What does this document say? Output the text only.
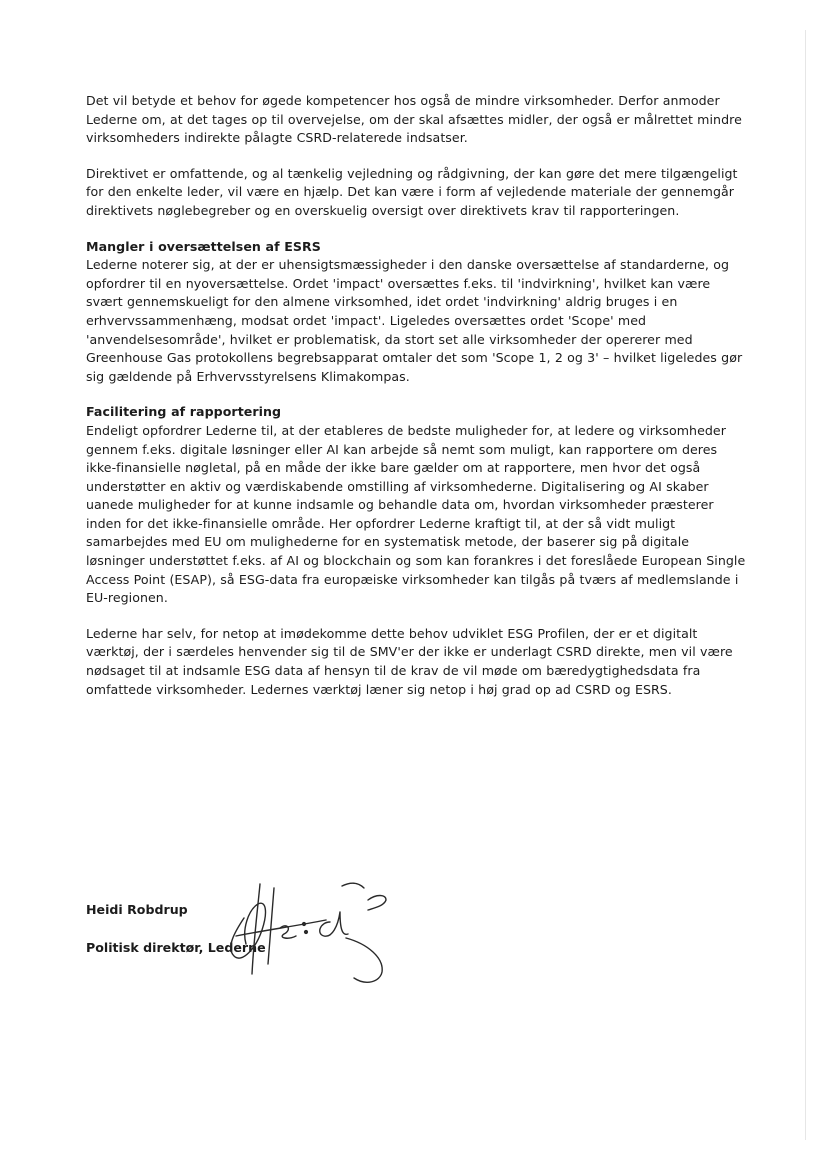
Det vil betyde et behov for øgede kompetencer hos også de mindre virksomheder. Derfor anmoder Lederne om, at det tages op til overvejelse, om der skal afsættes midler, der også er målrettet mindre virksomheders indirekte pålagte CSRD-relaterede indsatser.

Direktivet er omfattende, og al tænkelig vejledning og rådgivning, der kan gøre det mere tilgængeligt for den enkelte leder, vil være en hjælp. Det kan være i form af vejledende materiale der gennemgår direktivets nøglebegreber og en overskuelig oversigt over direktivets krav til rapporteringen.

Mangler i oversættelsen af ESRS
Lederne noterer sig, at der er uhensigtsmæssigheder i den danske oversættelse af standarderne, og opfordrer til en nyoversættelse. Ordet 'impact' oversættes f.eks. til 'indvirkning', hvilket kan være svært gennemskueligt for den almene virksomhed, idet ordet 'indvirkning' aldrig bruges i en erhvervssammenhæng, modsat ordet 'impact'. Ligeledes oversættes ordet 'Scope' med 'anvendelsesområde', hvilket er problematisk, da stort set alle virksomheder der opererer med Greenhouse Gas protokollens begrebsapparat omtaler det som 'Scope 1, 2 og 3' – hvilket ligeledes gør sig gældende på Erhvervsstyrelsens Klimakompas.

Facilitering af rapportering
Endeligt opfordrer Lederne til, at der etableres de bedste muligheder for, at ledere og virksomheder gennem f.eks. digitale løsninger eller AI kan arbejde så nemt som muligt, kan rapportere om deres ikke-finansielle nøgletal, på en måde der ikke bare gælder om at rapportere, men hvor det også understøtter en aktiv og værdiskabende omstilling af virksomhederne. Digitalisering og AI skaber uanede muligheder for at kunne indsamle og behandle data om, hvordan virksomheder præsterer inden for det ikke-finansielle område. Her opfordrer Lederne kraftigt til, at der så vidt muligt samarbejdes med EU om mulighederne for en systematisk metode, der baserer sig på digitale løsninger understøttet f.eks. af AI og blockchain og som kan forankres i det foreslåede European Single Access Point (ESAP), så ESG-data fra europæiske virksomheder kan tilgås på tværs af medlemslande i EU-regionen.

Lederne har selv, for netop at imødekomme dette behov udviklet ESG Profilen, der er et digitalt værktøj, der i særdeles henvender sig til de SMV'er der ikke er underlagt CSRD direkte, men vil være nødsaget til at indsamle ESG data af hensyn til de krav de vil møde om bæredygtighedsdata fra omfattede virksomheder. Ledernes værktøj læner sig netop i høj grad op ad CSRD og ESRS.

Heidi Robdrup
Politisk direktør, Lederne	Heidi
